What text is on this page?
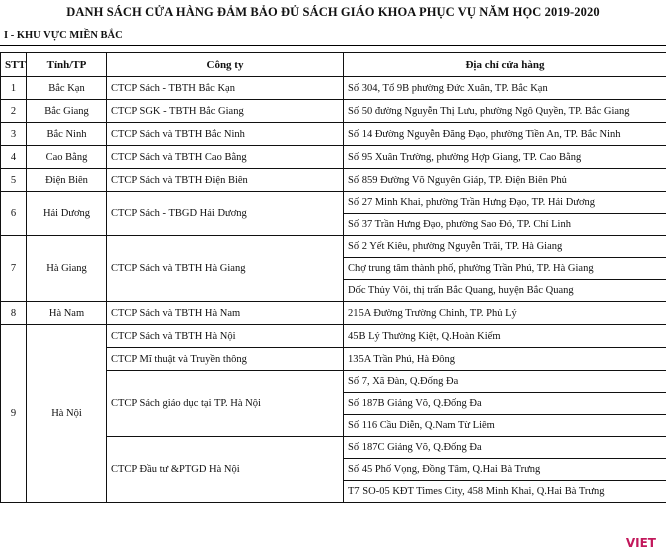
DANH SÁCH CỬA HÀNG ĐẢM BẢO ĐỦ SÁCH GIÁO KHOA PHỤC VỤ NĂM HỌC 2019-2020
I - KHU VỰC MIỀN BẮC
STT	Tỉnh/TP	Công ty	Địa chỉ cửa hàng
1	Bắc Kạn	CTCP Sách - TBTH Bắc Kạn	Số 304, Tổ 9B phường Đức Xuân, TP. Bắc Kạn
2	Bắc Giang	CTCP SGK - TBTH Bắc Giang	Số 50 đường Nguyễn Thị Lưu, phường Ngô Quyền, TP. Bắc Giang
3	Bắc Ninh	CTCP Sách và TBTH Bắc Ninh	Số 14 Đường Nguyễn Đăng Đạo, phường Tiền An, TP. Bắc Ninh
4	Cao Bằng	CTCP Sách và TBTH Cao Bằng	Số 95 Xuân Trường, phường Hợp Giang, TP. Cao Bằng
5	Điện Biên	CTCP Sách và TBTH Điện Biên	Số 859 Đường Võ Nguyên Giáp, TP. Điện Biên Phủ
6	Hải Dương	CTCP Sách - TBGD Hải Dương	Số 27 Minh Khai, phường Trần Hưng Đạo, TP. Hải Dương
			Số 37 Trần Hưng Đạo, phường Sao Đỏ, TP. Chí Linh
7	Hà Giang	CTCP Sách và TBTH Hà Giang	Số 2 Yết Kiêu, phường Nguyễn Trãi, TP. Hà Giang
			Chợ trung tâm thành phố, phường Trần Phú, TP. Hà Giang
			Dốc Thủy Vôi, thị trấn Bắc Quang, huyện Bắc Quang
8	Hà Nam	CTCP Sách và TBTH Hà Nam	215A Đường Trường Chinh, TP. Phủ Lý
9	Hà Nội	CTCP Sách và TBTH Hà Nội	45B Lý Thường Kiệt, Q.Hoàn Kiếm
		CTCP Mĩ thuật và Truyền thông	135A Trần Phú, Hà Đông
		CTCP Sách giáo dục tại TP. Hà Nội	Số 7, Xã Đàn, Q.Đống Đa
			Số 187B Giảng Võ, Q.Đống Đa
			Số 116 Cầu Diễn, Q.Nam Từ Liêm
		CTCP Đầu tư &PTGD Hà Nội	Số 187C Giảng Võ, Q.Đống Đa
			Số 45 Phố Vọng, Đồng Tâm, Q.Hai Bà Trưng
			T7 SO-05 KĐT Times City, 458 Minh Khai, Q.Hai Bà Trưng
VIET
